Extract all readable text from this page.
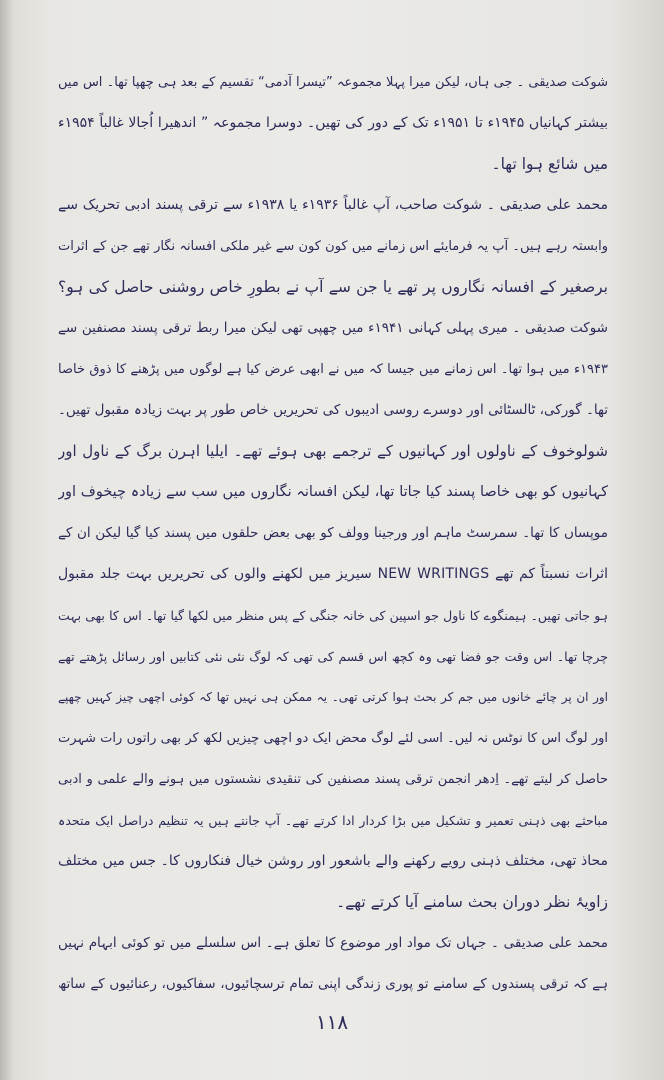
شوکت صدیقی ۔ جی ہاں، لیکن میرا پہلا مجموعہ ”تیسرا آدمی“ تقسیم کے بعد ہی چھپا تھا۔ اس میں
بیشتر کہانیاں ۱۹۴۵ء تا ۱۹۵۱ء تک کے دور کی تھیں۔ دوسرا مجموعہ ” اندھیرا اُجالا غالباً ۱۹۵۴ء
میں شائع ہوا تھا۔
محمد علی صدیقی ۔ شوکت صاحب، آپ غالباً ۱۹۳۶ء یا ۱۹۳۸ء سے ترقی پسند ادبی تحریک سے
وابستہ رہے ہیں۔ آپ یہ فرمایئے اس زمانے میں کون کون سے غیر ملکی افسانہ نگار تھے جن کے اثرات
برصغیر کے افسانہ نگاروں پر تھے یا جن سے آپ نے بطورِ خاص روشنی حاصل کی ہو؟
شوکت صدیقی ۔ میری پہلی کہانی ۱۹۴۱ء میں چھپی تھی لیکن میرا ربط ترقی پسند مصنفین سے
۱۹۴۳ء میں ہوا تھا۔ اس زمانے میں جیسا کہ میں نے ابھی عرض کیا ہے لوگوں میں پڑھنے کا ذوق خاصا
تھا۔ گورکی، ٹالسٹائی اور دوسرے روسی ادیبوں کی تحریریں خاص طور پر بہت زیادہ مقبول تھیں۔
شولوخوف کے ناولوں اور کہانیوں کے ترجمے بھی ہوئے تھے۔ ایلیا اہرن برگ کے ناول اور
کہانیوں کو بھی خاصا پسند کیا جاتا تھا، لیکن افسانہ نگاروں میں سب سے زیادہ چیخوف اور
موپساں کا تھا۔ سمرسٹ ماہم اور ورجینا وولف کو بھی بعض حلقوں میں پسند کیا گیا لیکن ان کے
اثرات نسبتاً کم تھے NEW WRITINGS سیریز میں لکھنے والوں کی تحریریں بہت جلد مقبول
ہو جاتی تھیں۔ ہیمنگوے کا ناول جو اسپین کی خانہ جنگی کے پس منظر میں لکھا گیا تھا۔ اس کا بھی بہت
چرچا تھا۔ اس وقت جو فضا تھی وہ کچھ اس قسم کی تھی کہ لوگ نئی نئی کتابیں اور رسائل پڑھتے تھے
اور ان پر چائے خانوں میں جم کر بحث ہوا کرتی تھی۔ یہ ممکن ہی نہیں تھا کہ کوئی اچھی چیز کہیں چھپے
اور لوگ اس کا نوٹس نہ لیں۔ اسی لئے لوگ محض ایک دو اچھی چیزیں لکھ کر بھی راتوں رات شہرت
حاصل کر لیتے تھے۔ اِدھر انجمن ترقی پسند مصنفین کی تنقیدی نشستوں میں ہونے والے علمی و ادبی
مباحثے بھی ذہنی تعمیر و تشکیل میں بڑا کردار ادا کرتے تھے۔ آپ جانتے ہیں یہ تنظیم دراصل ایک متحدہ
محاذ تھی، مختلف ذہنی رویے رکھنے والے باشعور اور روشن خیال فنکاروں کا۔ جس میں مختلف
زاویۂ نظر دوران بحث سامنے آیا کرتے تھے۔
محمد علی صدیقی ۔ جہاں تک مواد اور موضوع کا تعلق ہے۔ اس سلسلے میں تو کوئی ابہام نہیں
ہے کہ ترقی پسندوں کے سامنے تو پوری زندگی اپنی تمام ترسچائیوں، سفاکیوں، رعنائیوں کے ساتھ
۱۱۸
